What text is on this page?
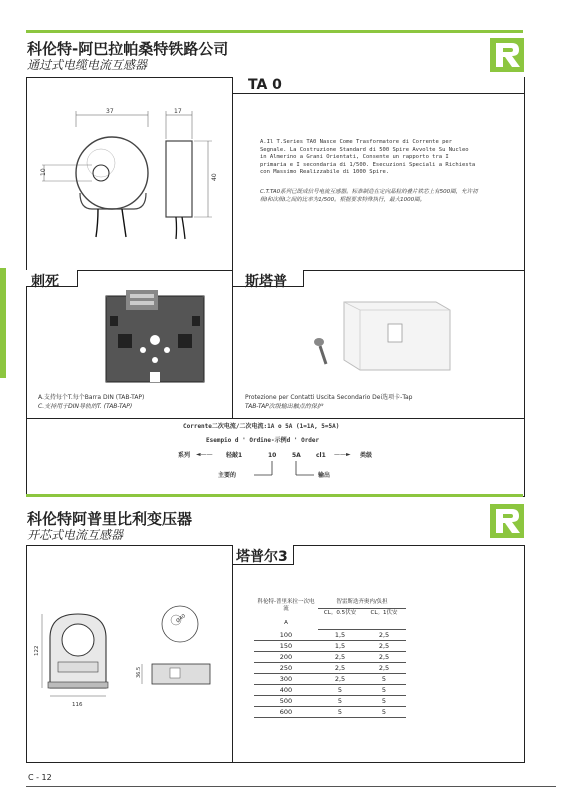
科伦特-阿巴拉帕桑特铁路公司
通过式电缆电流互感器
TA 0
37
10
17
40
A.Il T.Series TA0 Nasce Come Trasformatore di Corrente per Segnale. La Costruzione Standard di 500 Spire Avvolte Su Nucleo in Almerino a Grani Orientati, Consente un rapporto tra I primaria e I secondaria di 1/500. Esecuzioni Speciali a Richiesta con Massimo Realizzabile di 1000 Spire.
C.T.TA0系列已既成信号电流互感器。标准制造在定向晶粒的叠片铁芯上有500圈，允许初级I和次级I之间的比率为1/500。根据要求特殊执行，最大1000圈。
刺死	斯塔普
A.支持每个T.每个Barra DIN (TAB-TAP)
C.支持用于DIN导轨的T. (TAB-TAP)
Protezione per Contatti Uscita Secondario Dei选项卡-Tap
TAB-TAP次级输出触点的保护
Corrente二次电流/二次电流:1A o 5A (1=1A, 5=5A)
Esempio d ' Ordine-示例d ' Order
系列 ◄—— 轻敲1	10	5A	cl1 ——► 类级
主要的	输出
科伦特阿普里比利变压器
开芯式电流互感器
塔普尔3
122
116
Ø40
36.5
科伦特-普里米拉一次电流

A	智雷斯迭齐奥内/负担	
	CL。0.5伏安	CL。1伏安

100	1,5	2,5
150	1,5	2,5
200	2,5	2,5
250	2,5	2,5
300	2,5	5
400	5	5
500	5	5
600	5	5
C - 12
